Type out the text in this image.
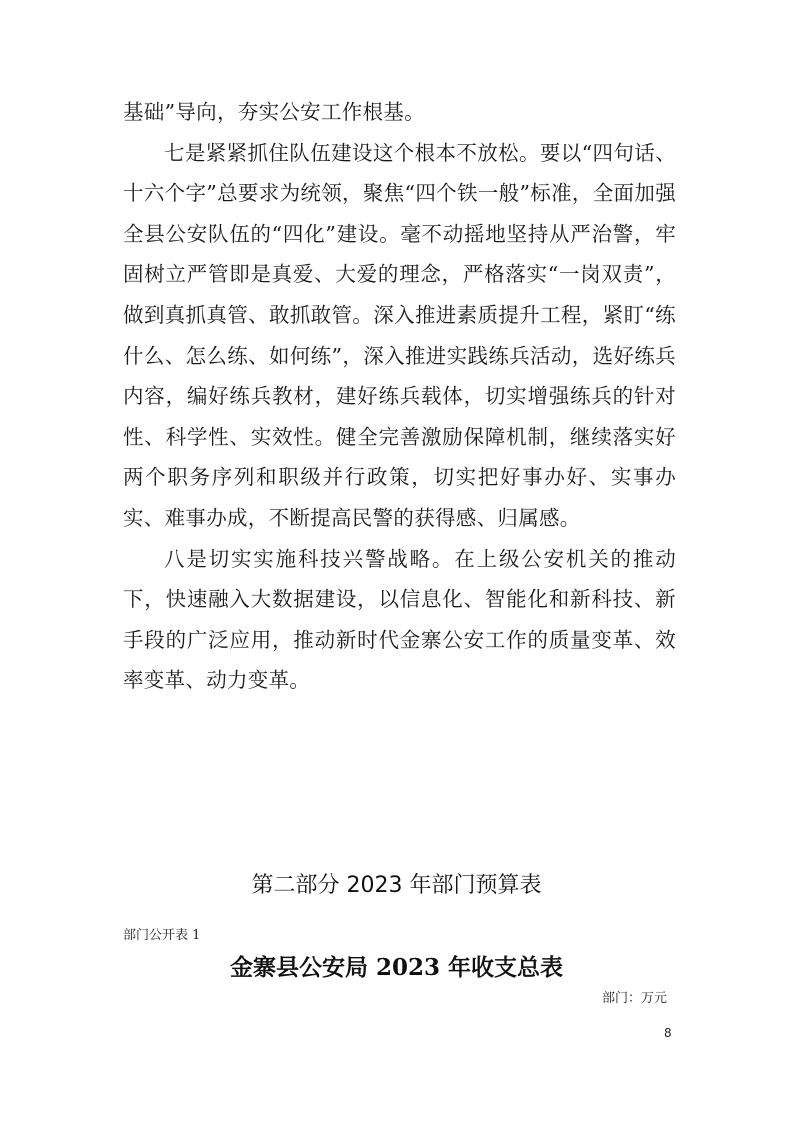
基础”导向，夯实公安工作根基。

七是紧紧抓住队伍建设这个根本不放松。要以“四句话、十六个字”总要求为统领，聚焦“四个铁一般”标准，全面加强全县公安队伍的“四化”建设。毫不动摇地坚持从严治警，牢固树立严管即是真爱、大爱的理念，严格落实“一岗双责”，做到真抓真管、敢抓敢管。深入推进素质提升工程，紧盯“练什么、怎么练、如何练”，深入推进实践练兵活动，选好练兵内容，编好练兵教材，建好练兵载体，切实增强练兵的针对性、科学性、实效性。健全完善激励保障机制，继续落实好两个职务序列和职级并行政策，切实把好事办好、实事办实、难事办成，不断提高民警的获得感、归属感。

八是切实实施科技兴警战略。在上级公安机关的推动下，快速融入大数据建设，以信息化、智能化和新科技、新手段的广泛应用，推动新时代金寨公安工作的质量变革、效率变革、动力变革。

第二部分 2023 年部门预算表
部门公开表 1
金寨县公安局 2023 年收支总表
部门：万元
8
